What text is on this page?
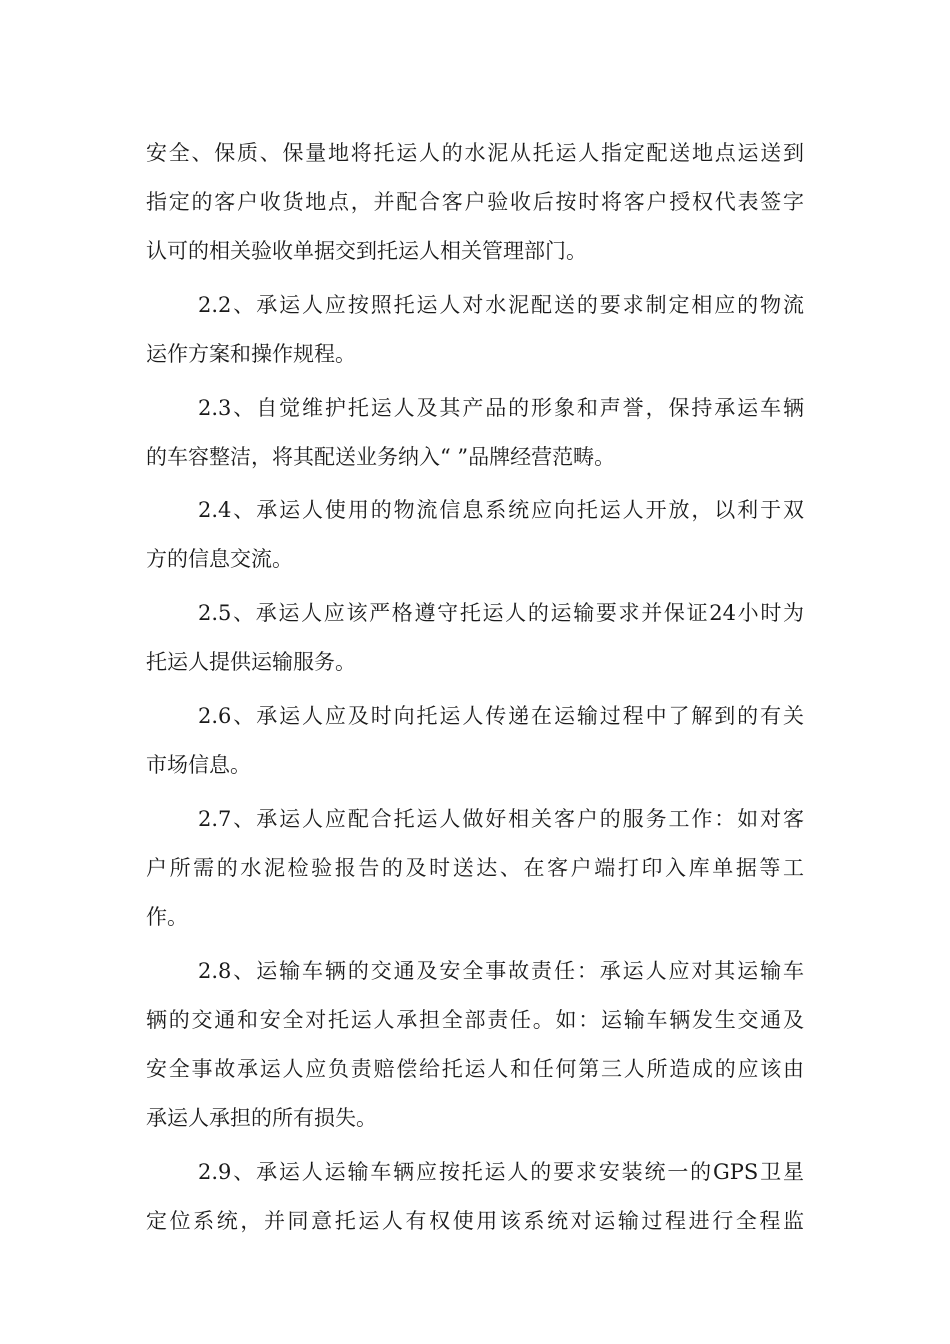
安全、保质、保量地将托运人的水泥从托运人指定配送地点运送到
指定的客户收货地点，并配合客户验收后按时将客户授权代表签字
认可的相关验收单据交到托运人相关管理部门。
2.2、承运人应按照托运人对水泥配送的要求制定相应的物流
运作方案和操作规程。
2.3、自觉维护托运人及其产品的形象和声誉，保持承运车辆
的车容整洁，将其配送业务纳入“ ”品牌经营范畴。
2.4、承运人使用的物流信息系统应向托运人开放，以利于双
方的信息交流。
2.5、承运人应该严格遵守托运人的运输要求并保证24小时为
托运人提供运输服务。
2.6、承运人应及时向托运人传递在运输过程中了解到的有关
市场信息。
2.7、承运人应配合托运人做好相关客户的服务工作：如对客
户所需的水泥检验报告的及时送达、在客户端打印入库单据等工
作。
2.8、运输车辆的交通及安全事故责任：承运人应对其运输车
辆的交通和安全对托运人承担全部责任。如：运输车辆发生交通及
安全事故承运人应负责赔偿给托运人和任何第三人所造成的应该由
承运人承担的所有损失。
2.9、承运人运输车辆应按托运人的要求安装统一的GPS卫星
定位系统，并同意托运人有权使用该系统对运输过程进行全程监
